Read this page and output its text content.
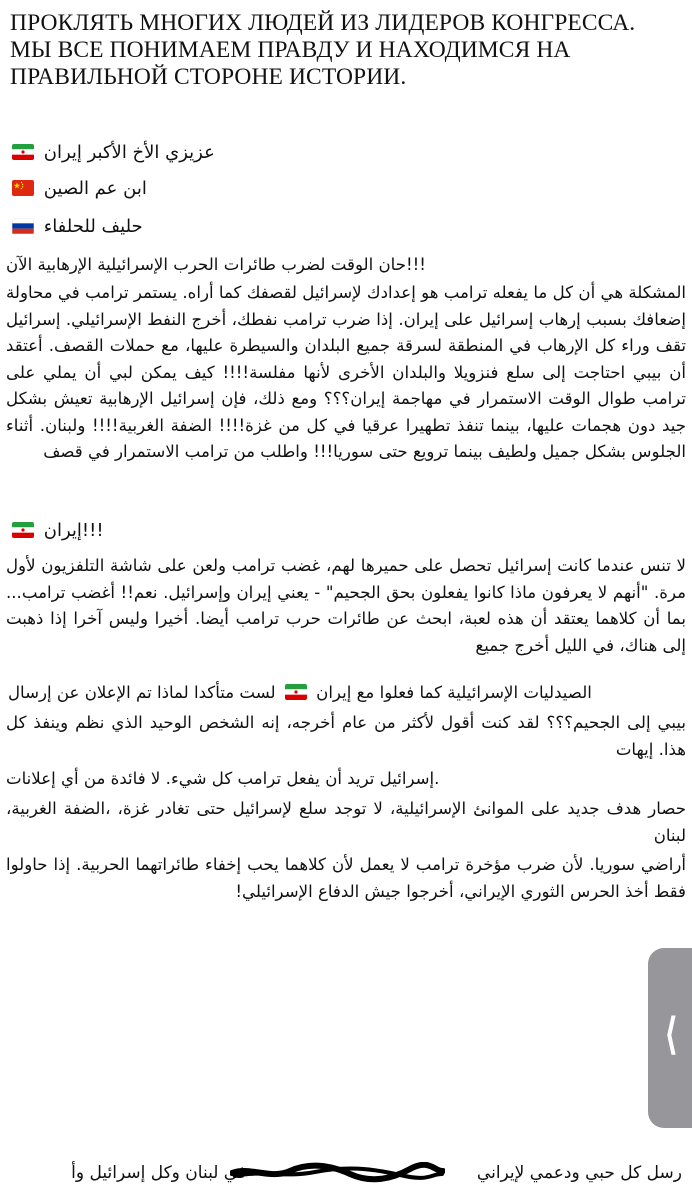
ПРОКЛЯТЬ МНОГИХ ЛЮДЕЙ ИЗ ЛИДЕРОВ КОНГРЕССА.
МЫ ВСЕ ПОНИМАЕМ ПРАВДУ И НАХОДИМСЯ НА
ПРАВИЛЬНОЙ СТОРОНЕ ИСТОРИИ.

عزيزي الأخ الأكبر إيران

ابن عم الصين

حليف للحلفاء

!!!حان الوقت لضرب طائرات الحرب الإسرائيلية الإرهابية الآن

المشكلة هي أن كل ما يفعله ترامب هو إعدادك لإسرائيل لقصفك كما أراه. يستمر ترامب في محاولة إضعافك بسبب إرهاب إسرائيل على إيران. إذا ضرب ترامب نفطك، أخرج النفط الإسرائيلي. إسرائيل تقف وراء كل الإرهاب في المنطقة لسرقة جميع البلدان والسيطرة عليها، مع حملات القصف. أعتقد أن بيبي احتاجت إلى سلع فنزويلا والبلدان الأخرى لأنها مفلسة!!!! كيف يمكن لبي أن يملي على ترامب طوال الوقت الاستمرار في مهاجمة إيران؟؟؟ ومع ذلك، فإن إسرائيل الإرهابية تعيش بشكل جيد دون هجمات عليها، بينما تنفذ تطهيرا عرقيا في كل من غزة!!!! الضفة الغربية!!!! ولبنان. أثناء الجلوس بشكل جميل ولطيف بينما ترويع حتى سوريا!!! واطلب من ترامب الاستمرار في قصف

!!!إيران

لا تنس عندما كانت إسرائيل تحصل على حميرها لهم، غضب ترامب ولعن على شاشة التلفزيون لأول مرة. "أنهم لا يعرفون ماذا كانوا يفعلون بحق الجحيم" - يعني إيران وإسرائيل. نعم!! أغضب ترامب... بما أن كلاهما يعتقد أن هذه لعبة، ابحث عن طائرات حرب ترامب أيضا. أخيرا وليس آخرا إذا ذهبت إلى هناك، في الليل أخرج جميع

الصيدليات الإسرائيلية كما فعلوا مع إيران
لست متأكدا لماذا تم الإعلان عن إرسال

بيبي إلى الجحيم؟؟؟ لقد كنت أقول لأكثر من عام أخرجه، إنه الشخص الوحيد الذي نظم وينفذ كل هذا. إيهات

.إسرائيل تريد أن يفعل ترامب كل شيء. لا فائدة من أي إعلانات

حصار هدف جديد على الموانئ الإسرائيلية، لا توجد سلع لإسرائيل حتى تغادر غزة، ،الضفة الغربية، لبنان

أراضي سوريا. لأن ضرب مؤخرة ترامب لا يعمل لأن كلاهما يحب إخفاء طائراتهما الحربية. إذا حاولوا فقط أخذ الحرس الثوري الإيراني، أخرجوا جيش الدفاع الإسرائيلي!

رسل كل حبي ودعمي لإيراني  في لبنان وكل إسرائيل وأ

⟨
